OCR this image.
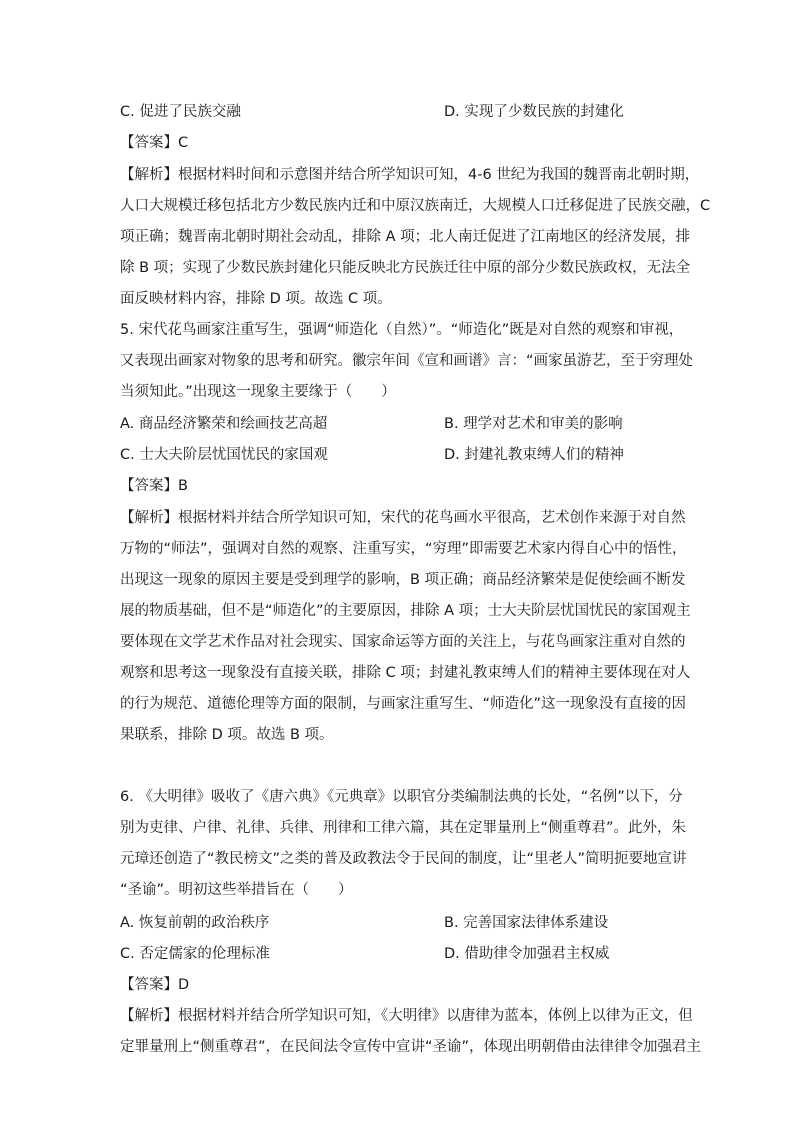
C. 促进了民族交融	D. 实现了少数民族的封建化
【答案】C
【解析】根据材料时间和示意图并结合所学知识可知，4-6 世纪为我国的魏晋南北朝时期，
人口大规模迁移包括北方少数民族内迁和中原汉族南迁，大规模人口迁移促进了民族交融，C
项正确；魏晋南北朝时期社会动乱，排除 A 项；北人南迁促进了江南地区的经济发展，排
除 B 项；实现了少数民族封建化只能反映北方民族迁往中原的部分少数民族政权，无法全
面反映材料内容，排除 D 项。故选 C 项。
5. 宋代花鸟画家注重写生，强调“师造化（自然）”。“师造化”既是对自然的观察和审视，
又表现出画家对物象的思考和研究。徽宗年间《宣和画谱》言：“画家虽游艺，至于穷理处
当须知此。”出现这一现象主要缘于（　　）
A. 商品经济繁荣和绘画技艺高超	B. 理学对艺术和审美的影响
C. 士大夫阶层忧国忧民的家国观	D. 封建礼教束缚人们的精神
【答案】B
【解析】根据材料并结合所学知识可知，宋代的花鸟画水平很高，艺术创作来源于对自然
万物的“师法”，强调对自然的观察、注重写实，“穷理”即需要艺术家内得自心中的悟性，
出现这一现象的原因主要是受到理学的影响，B 项正确；商品经济繁荣是促使绘画不断发
展的物质基础，但不是“师造化”的主要原因，排除 A 项；士大夫阶层忧国忧民的家国观主
要体现在文学艺术作品对社会现实、国家命运等方面的关注上，与花鸟画家注重对自然的
观察和思考这一现象没有直接关联，排除 C 项；封建礼教束缚人们的精神主要体现在对人
的行为规范、道德伦理等方面的限制，与画家注重写生、“师造化”这一现象没有直接的因
果联系，排除 D 项。故选 B 项。
6. 《大明律》吸收了《唐六典》《元典章》以职官分类编制法典的长处，“名例”以下，分
别为吏律、户律、礼律、兵律、刑律和工律六篇，其在定罪量刑上“侧重尊君”。此外，朱
元璋还创造了“教民榜文”之类的普及政教法令于民间的制度，让“里老人”简明扼要地宣讲
“圣谕”。明初这些举措旨在（　　）
A. 恢复前朝的政治秩序	B. 完善国家法律体系建设
C. 否定儒家的伦理标准	D. 借助律令加强君主权威
【答案】D
【解析】根据材料并结合所学知识可知，《大明律》以唐律为蓝本，体例上以律为正文，但
定罪量刑上“侧重尊君”，在民间法令宣传中宣讲“圣谕”，体现出明朝借由法律律令加强君主
